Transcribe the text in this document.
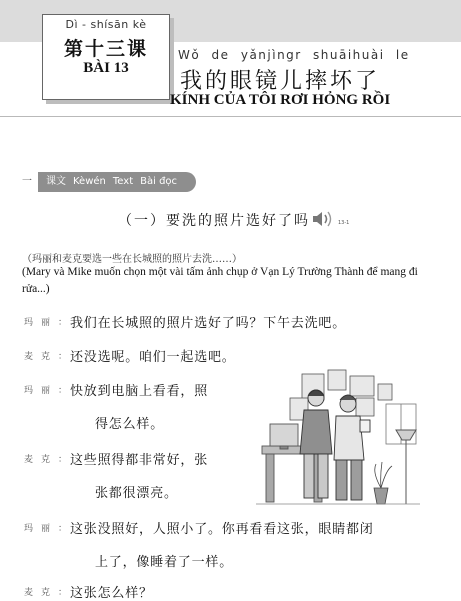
Dì - shísān kè
第十三课
BÀI 13
Wǒ de yǎnjìngr shuāihuài le
我的眼镜儿摔坏了
KÍNH CỦA TÔI RƠI HỎNG RỒI
一	课文 Kèwén Text Bài đọc
（一）要洗的照片选好了吗	13-1
（玛丽和麦克要选一些在长城照的照片去洗……）
(Mary và Mike muốn chọn một vài tấm ảnh chụp ở Vạn Lý Trường Thành để mang đi rửa...)
玛丽：
我们在长城照的照片选好了吗？下午去洗吧。
麦克：
还没选呢。咱们一起选吧。
玛丽：
快放到电脑上看看，照
得怎么样。
麦克：
这些照得都非常好，张
张都很漂亮。
玛丽：
这张没照好，人照小了。你再看看这张，眼睛都闭
上了，像睡着了一样。
麦克：
这张怎么样？
